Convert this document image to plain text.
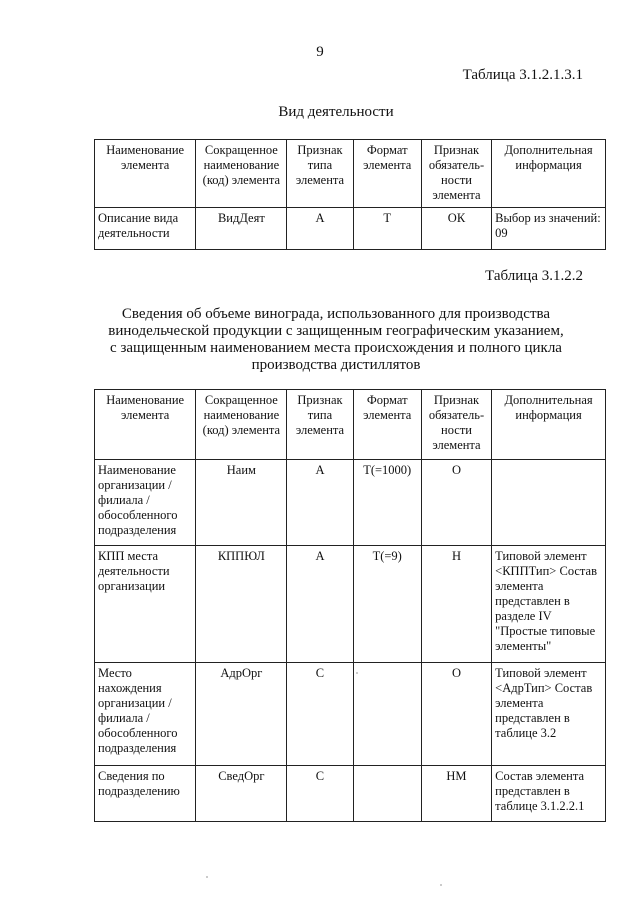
9
Таблица 3.1.2.1.3.1
Вид деятельности
Наименование элемента	Сокращенное наименование (код) элемента	Признак типа элемента	Формат элемента	Признак обязатель-ности элемента	Дополнительная информация
Описание вида деятельности	ВидДеят	А	Т	ОК	Выбор из значений: 09
Таблица 3.1.2.2
Сведения об объеме винограда, использованного для производства
винодельческой продукции с защищенным географическим указанием,
с защищенным наименованием места происхождения и полного цикла
производства дистиллятов
Наименование элемента	Сокращенное наименование (код) элемента	Признак типа элемента	Формат элемента	Признак обязатель-ности элемента	Дополнительная информация
Наименование организации / филиала / обособленного подразделения	Наим	А	Т(=1000)	О	
КПП места деятельности организации	КППЮЛ	А	Т(=9)	Н	Типовой элемент <КППТип> Состав элемента представлен в разделе IV "Простые типовые элементы"
Место нахождения организации / филиала / обособленного подразделения	АдрОрг	С		О	Типовой элемент <АдрТип> Состав элемента представлен в таблице 3.2
Сведения по подразделению	СведОрг	С		НМ	Состав элемента представлен в таблице 3.1.2.2.1
